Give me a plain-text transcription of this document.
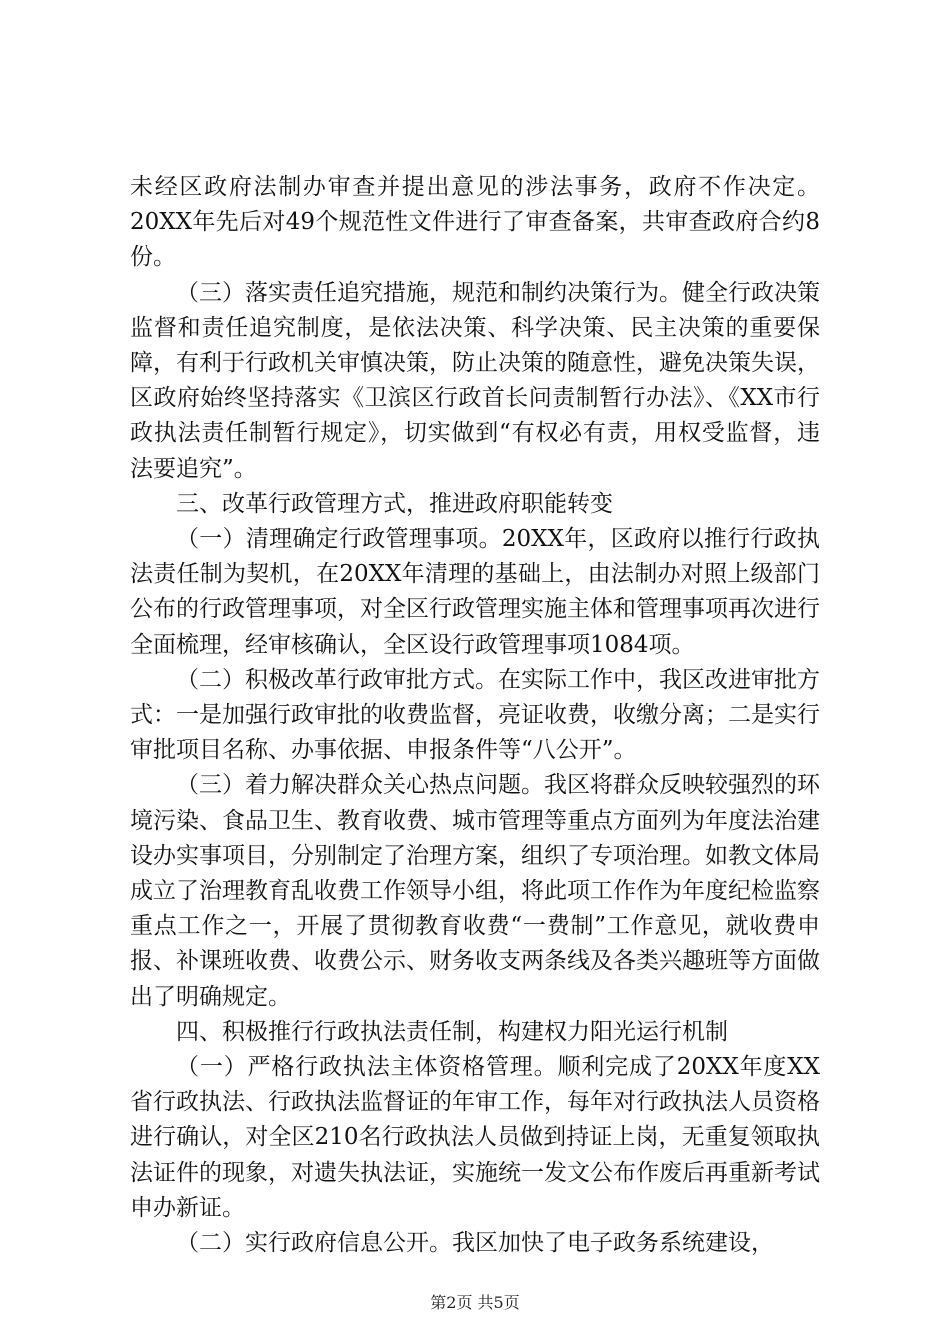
未经区政府法制办审查并提出意见的涉法事务，政府不作决定。20XX年先后对49个规范性文件进行了审查备案，共审查政府合约8份。

（三）落实责任追究措施，规范和制约决策行为。健全行政决策监督和责任追究制度，是依法决策、科学决策、民主决策的重要保障，有利于行政机关审慎决策，防止决策的随意性，避免决策失误，区政府始终坚持落实《卫滨区行政首长问责制暂行办法》、《XX市行政执法责任制暂行规定》，切实做到“有权必有责，用权受监督，违法要追究”。

三、改革行政管理方式，推进政府职能转变

（一）清理确定行政管理事项。20XX年，区政府以推行行政执法责任制为契机，在20XX年清理的基础上，由法制办对照上级部门公布的行政管理事项，对全区行政管理实施主体和管理事项再次进行全面梳理，经审核确认，全区设行政管理事项1084项。

（二）积极改革行政审批方式。在实际工作中，我区改进审批方式：一是加强行政审批的收费监督，亮证收费，收缴分离；二是实行审批项目名称、办事依据、申报条件等“八公开”。

（三）着力解决群众关心热点问题。我区将群众反映较强烈的环境污染、食品卫生、教育收费、城市管理等重点方面列为年度法治建设办实事项目，分别制定了治理方案，组织了专项治理。如教文体局成立了治理教育乱收费工作领导小组，将此项工作作为年度纪检监察重点工作之一，开展了贯彻教育收费“一费制”工作意见，就收费申报、补课班收费、收费公示、财务收支两条线及各类兴趣班等方面做出了明确规定。

四、积极推行行政执法责任制，构建权力阳光运行机制

（一）严格行政执法主体资格管理。顺利完成了20XX年度XX省行政执法、行政执法监督证的年审工作，每年对行政执法人员资格进行确认，对全区210名行政执法人员做到持证上岗，无重复领取执法证件的现象，对遗失执法证，实施统一发文公布作废后再重新考试申办新证。

（二）实行政府信息公开。我区加快了电子政务系统建设，

第2页 共5页
